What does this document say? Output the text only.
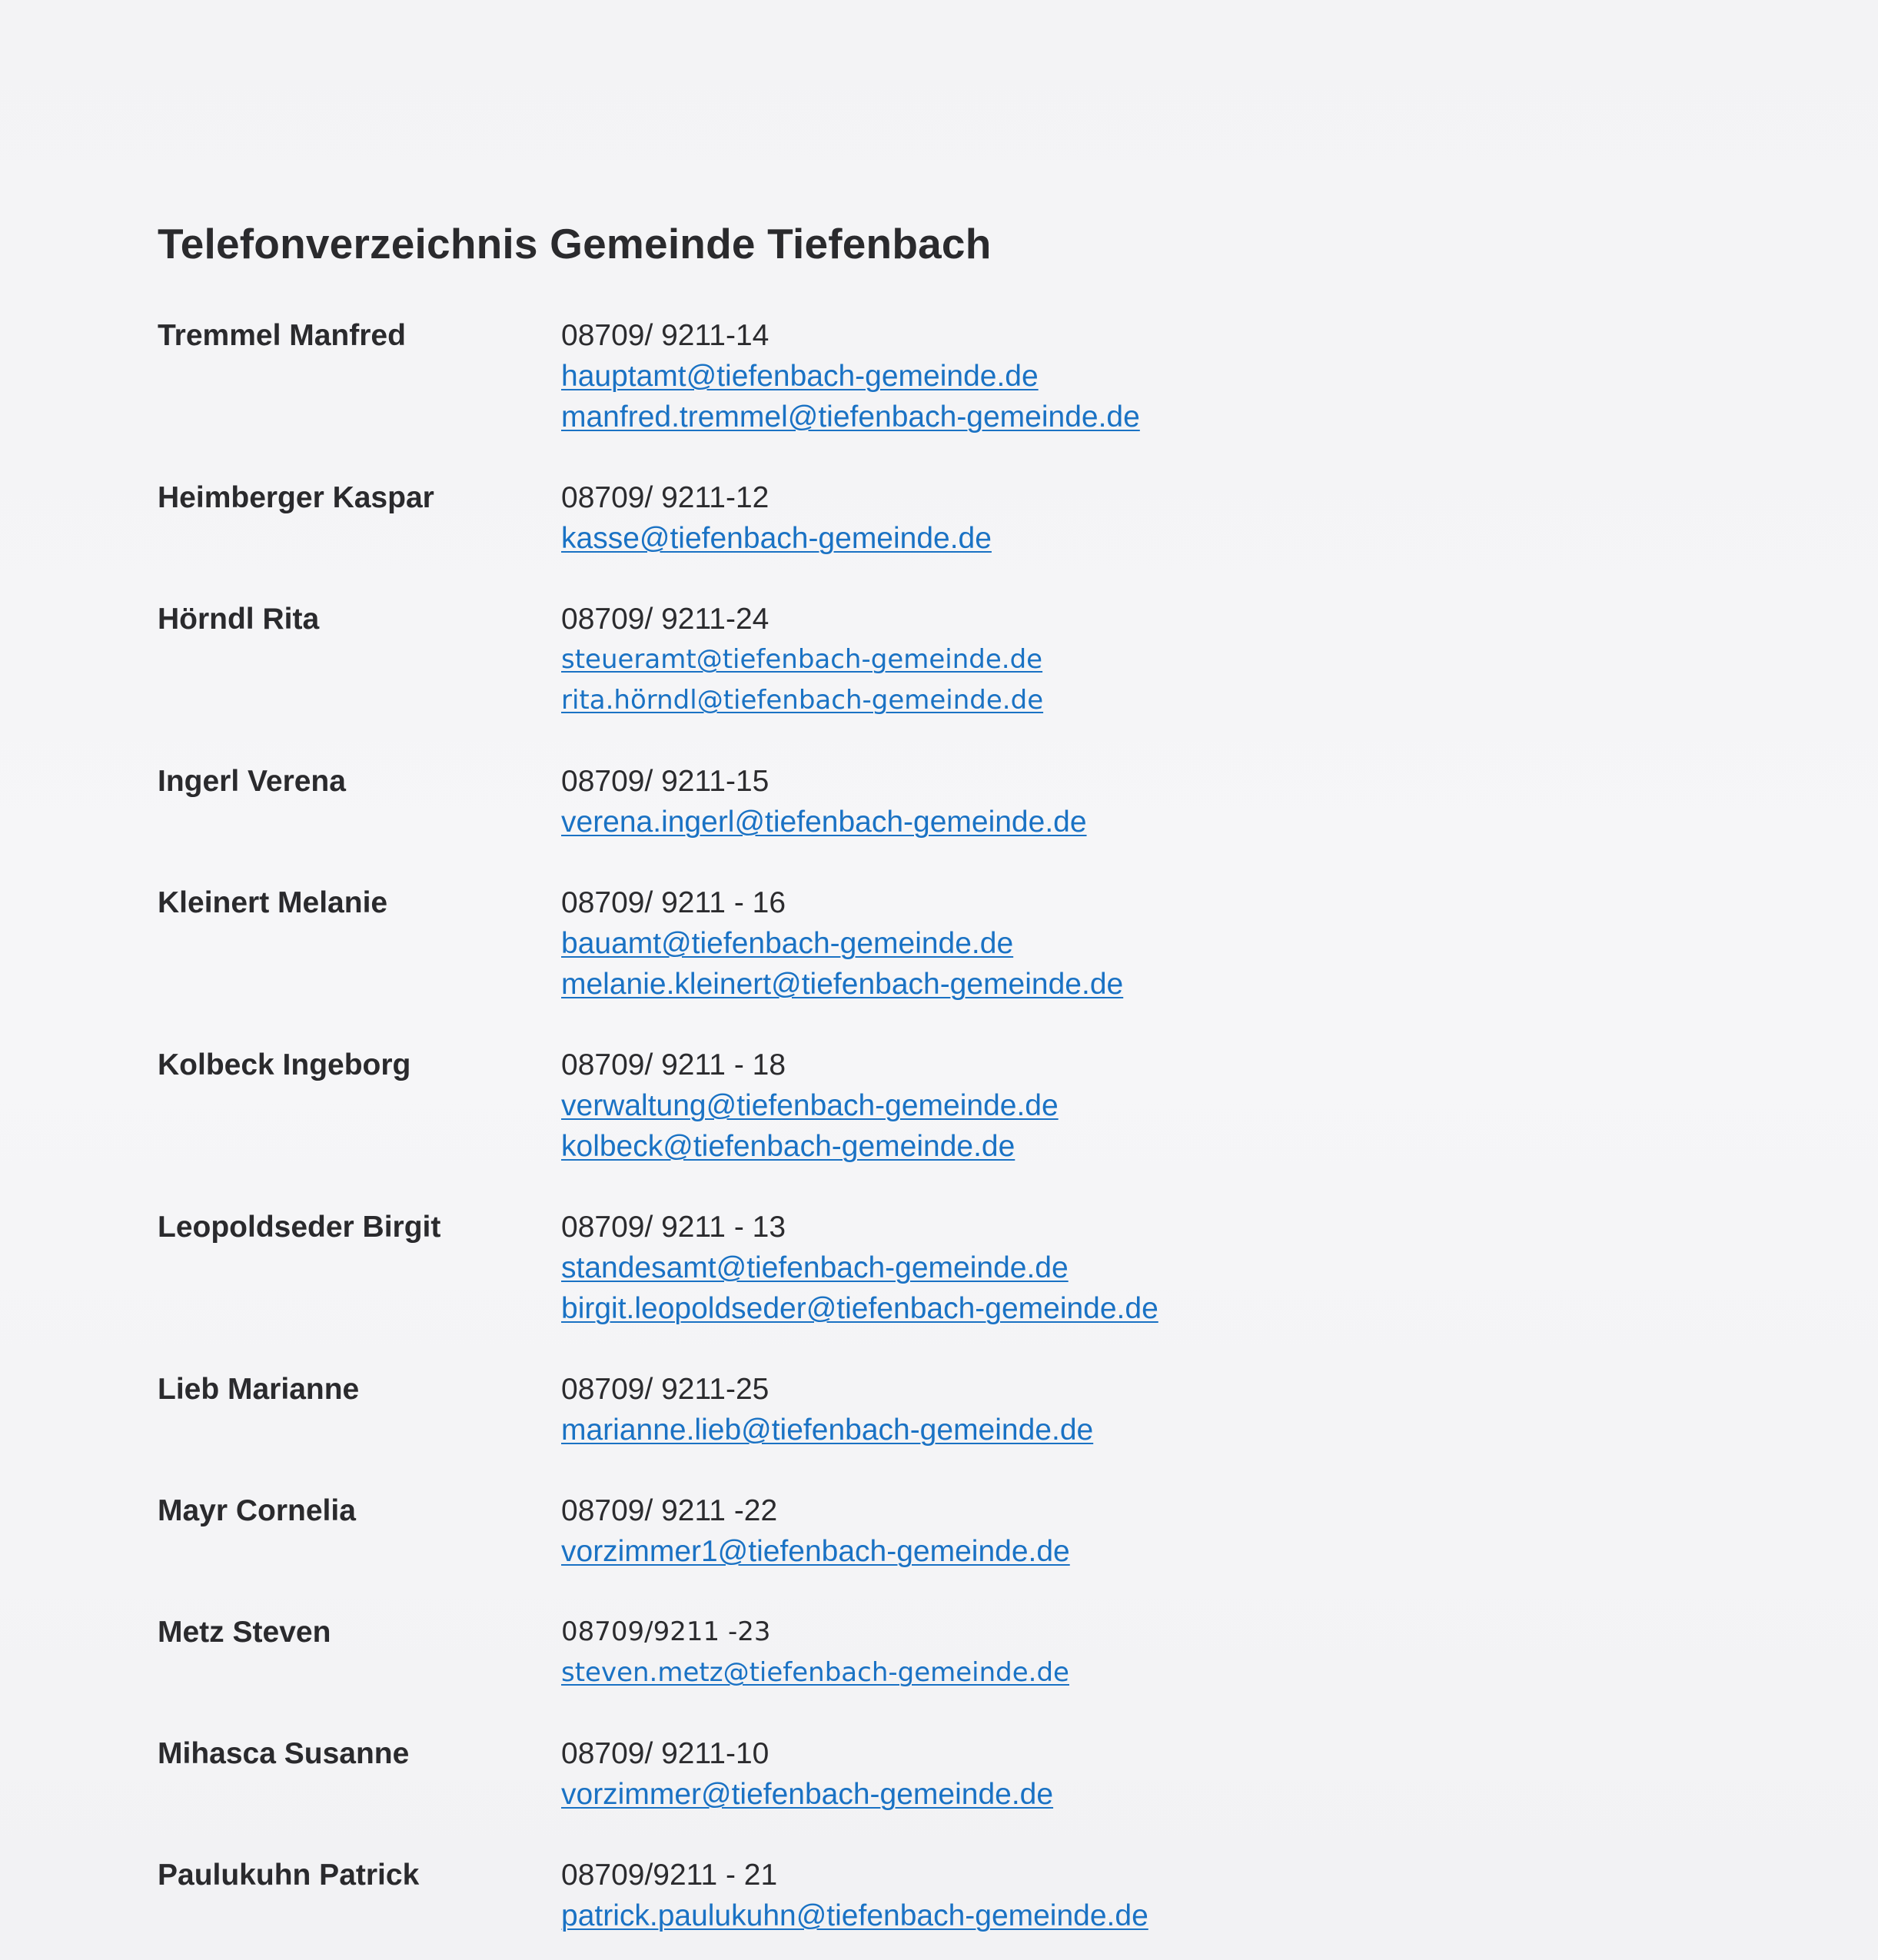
Telefonverzeichnis Gemeinde Tiefenbach
Tremmel Manfred	08709/ 9211-14
hauptamt@tiefenbach-gemeinde.de
manfred.tremmel@tiefenbach-gemeinde.de
Heimberger Kaspar	08709/ 9211-12
kasse@tiefenbach-gemeinde.de
Hörndl Rita	08709/ 9211-24
steueramt@tiefenbach-gemeinde.de
rita.hörndl@tiefenbach-gemeinde.de
Ingerl Verena	08709/ 9211-15
verena.ingerl@tiefenbach-gemeinde.de
Kleinert Melanie	08709/ 9211 - 16
bauamt@tiefenbach-gemeinde.de
melanie.kleinert@tiefenbach-gemeinde.de
Kolbeck Ingeborg	08709/ 9211 - 18
verwaltung@tiefenbach-gemeinde.de
kolbeck@tiefenbach-gemeinde.de
Leopoldseder Birgit	08709/ 9211 - 13
standesamt@tiefenbach-gemeinde.de
birgit.leopoldseder@tiefenbach-gemeinde.de
Lieb Marianne	08709/ 9211-25
marianne.lieb@tiefenbach-gemeinde.de
Mayr Cornelia	08709/ 9211 -22
vorzimmer1@tiefenbach-gemeinde.de
Metz Steven	08709/9211 -23
steven.metz@tiefenbach-gemeinde.de
Mihasca Susanne	08709/ 9211-10
vorzimmer@tiefenbach-gemeinde.de
Paulukuhn Patrick	08709/9211 - 21
patrick.paulukuhn@tiefenbach-gemeinde.de
